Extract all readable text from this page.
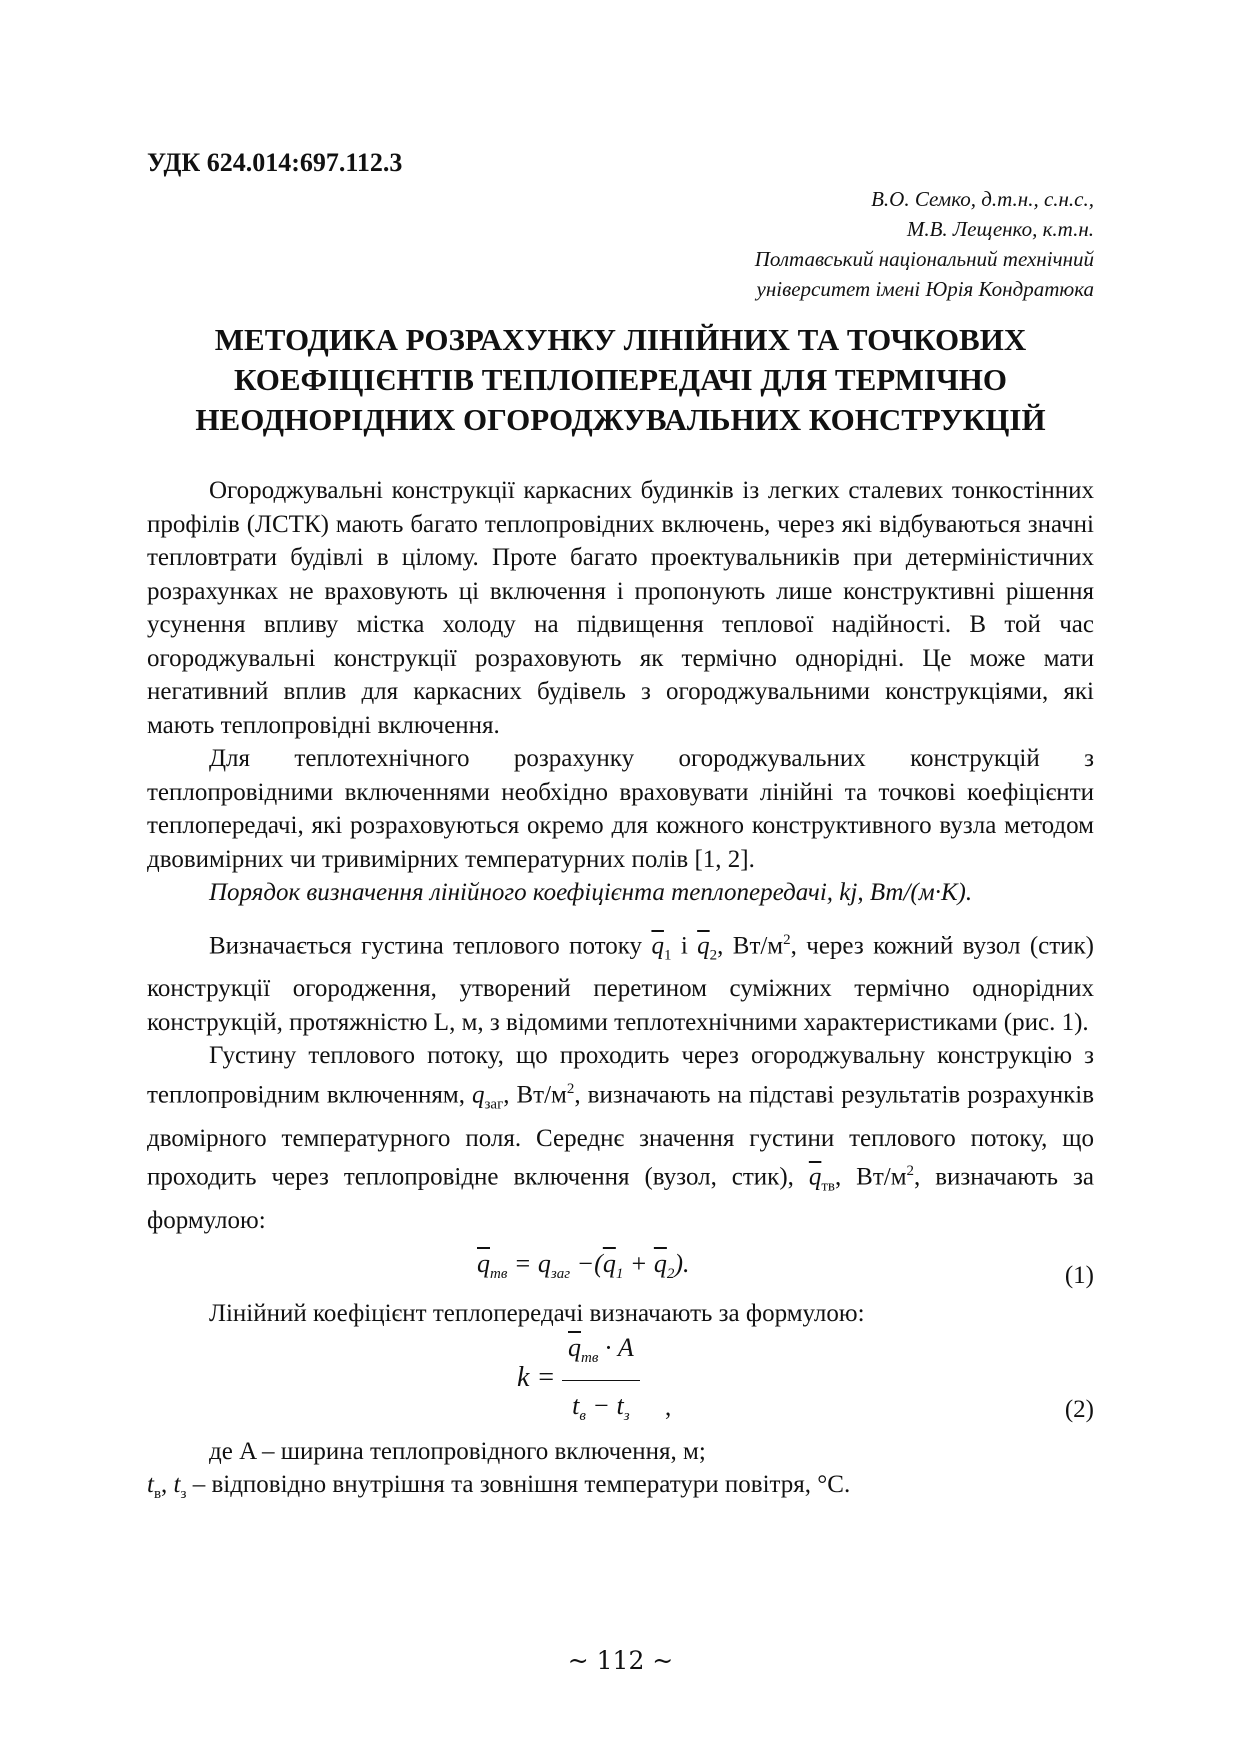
УДК 624.014:697.112.3
В.О. Семко, д.т.н., с.н.с.,
М.В. Лещенко, к.т.н.
Полтавський національний технічний
університет імені Юрія Кондратюка
МЕТОДИКА РОЗРАХУНКУ ЛІНІЙНИХ ТА ТОЧКОВИХ КОЕФІЦІЄНТІВ ТЕПЛОПЕРЕДАЧІ ДЛЯ ТЕРМІЧНО НЕОДНОРІДНИХ ОГОРОДЖУВАЛЬНИХ КОНСТРУКЦІЙ

Огороджувальні конструкції каркасних будинків із легких сталевих тонкостінних профілів (ЛСТК) мають багато теплопровідних включень, через які відбуваються значні тепловтрати будівлі в цілому. Проте багато проектувальників при детерміністичних розрахунках не враховують ці включення і пропонують лише конструктивні рішення усунення впливу містка холоду на підвищення теплової надійності. В той час огороджувальні конструкції розраховують як термічно однорідні. Це може мати негативний вплив для каркасних будівель з огороджувальними конструкціями, які мають теплопровідні включення.

Для теплотехнічного розрахунку огороджувальних конструкцій з теплопровідними включеннями необхідно враховувати лінійні та точкові коефіцієнти теплопередачі, які розраховуються окремо для кожного конструктивного вузла методом двовимірних чи тривимірних температурних полів [1, 2].

Порядок визначення лінійного коефіцієнта теплопередачі, kj, Вт/(м·К).

Визначається густина теплового потоку $\overline{q}_1$ і $\overline{q}_2$, $Вт/м^2$, через кожний вузол (стик) конструкції огородження, утворений перетином суміжних термічно однорідних конструкцій, протяжністю L, м, з відомими теплотехнічними характеристиками (рис. 1).

Густину теплового потоку, що проходить через огороджувальну конструкцію з теплопровідним включенням, $q_{заг}$, $Вт/м^2$, визначають на підставі результатів розрахунків двомірного температурного поля. Середнє значення густини теплового потоку, що проходить через теплопровідне включення (вузол, стик), $\overline{q}_{тв}$, $Вт/м^2$, визначають за формулою:

$\overline{q}_{тв} = q_{заг} -(\overline{q}_1 + \overline{q}_2)$.	(1)

Лінійний коефіцієнт теплопередачі визначають за формулою:

k =
$\overline{q}_{тв} \cdot A$
$t_в - t_з$	,	(2)

де A – ширина теплопровідного включення, м;

$t_в$, $t_з$ – відповідно внутрішня та зовнішня температури повітря, °C.

~ 112 ~
